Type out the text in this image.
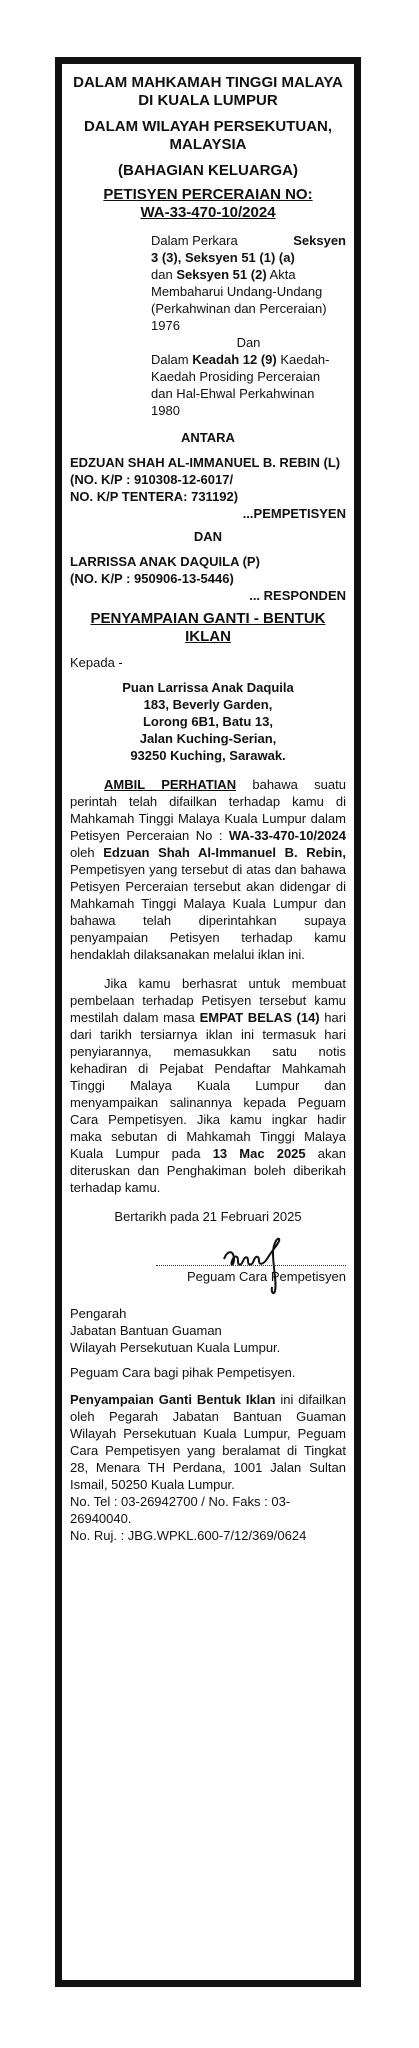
DALAM MAHKAMAH TINGGI MALAYA
DI KUALA LUMPUR
DALAM WILAYAH PERSEKUTUAN,
MALAYSIA
(BAHAGIAN KELUARGA)
PETISYEN PERCERAIAN NO:
WA-33-470-10/2024
Dalam Perkara	Seksyen
3 (3), Seksyen 51 (1) (a)
dan Seksyen 51 (2) Akta
Membaharui Undang-Undang
(Perkahwinan dan Perceraian)
1976
Dan
Dalam Keadah 12 (9) Kaedah-
Kaedah Prosiding Perceraian
dan Hal-Ehwal Perkahwinan
1980
ANTARA
EDZUAN SHAH AL-IMMANUEL B. REBIN (L)
(NO. K/P : 910308-12-6017/
NO. K/P TENTERA: 731192)
...PEMPETISYEN
DAN
LARRISSA ANAK DAQUILA (P)
(NO. K/P : 950906-13-5446)
... RESPONDEN
PENYAMPAIAN GANTI - BENTUK IKLAN
Kepada -
Puan Larrissa Anak Daquila
183, Beverly Garden,
Lorong 6B1, Batu 13,
Jalan Kuching-Serian,
93250 Kuching, Sarawak.

AMBIL PERHATIAN bahawa suatu perintah telah difailkan terhadap kamu di Mahkamah Tinggi Malaya Kuala Lumpur dalam Petisyen Perceraian No : WA-33-470-10/2024 oleh Edzuan Shah Al-Immanuel B. Rebin, Pempetisyen yang tersebut di atas dan bahawa Petisyen Perceraian tersebut akan didengar di Mahkamah Tinggi Malaya Kuala Lumpur dan bahawa telah diperintahkan supaya penyampaian Petisyen terhadap kamu hendaklah dilaksanakan melalui iklan ini.

Jika kamu berhasrat untuk membuat pembelaan terhadap Petisyen tersebut kamu mestilah dalam masa EMPAT BELAS (14) hari dari tarikh tersiarnya iklan ini termasuk hari penyiarannya, memasukkan satu notis kehadiran di Pejabat Pendaftar Mahkamah Tinggi Malaya Kuala Lumpur dan menyampaikan salinannya kepada Peguam Cara Pempetisyen. Jika kamu ingkar hadir maka sebutan di Mahkamah Tinggi Malaya Kuala Lumpur pada 13 Mac 2025 akan diteruskan dan Penghakiman boleh diberikah terhadap kamu.

Bertarikh pada 21 Februari 2025
Peguam Cara Pempetisyen
Pengarah
Jabatan Bantuan Guaman
Wilayah Persekutuan Kuala Lumpur.
Peguam Cara bagi pihak Pempetisyen.

Penyampaian Ganti Bentuk Iklan ini difailkan oleh Pegarah Jabatan Bantuan Guaman Wilayah Persekutuan Kuala Lumpur, Peguam Cara Pempetisyen yang beralamat di Tingkat 28, Menara TH Perdana, 1001 Jalan Sultan Ismail, 50250 Kuala Lumpur.

No. Tel : 03-26942700 / No. Faks : 03-26940040.
No. Ruj. : JBG.WPKL.600-7/12/369/0624
